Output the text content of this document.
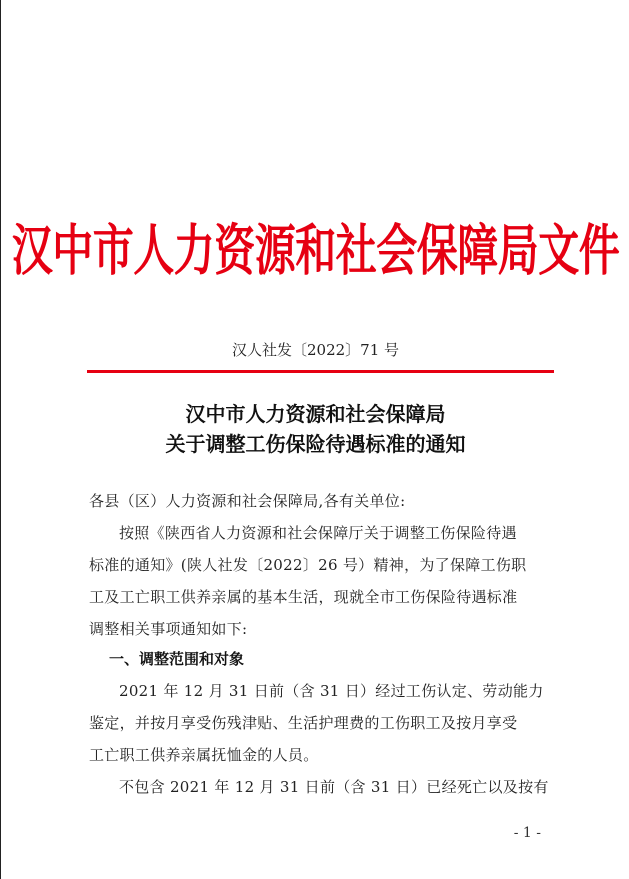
汉中市人力资源和社会保障局文件
汉人社发〔2022〕71 号
汉中市人力资源和社会保障局
关于调整工伤保险待遇标准的通知
各县（区）人力资源和社会保障局,各有关单位:
按照《陕西省人力资源和社会保障厅关于调整工伤保险待遇
标准的通知》(陕人社发〔2022〕26 号）精神，为了保障工伤职
工及工亡职工供养亲属的基本生活，现就全市工伤保险待遇标准
调整相关事项通知如下:
一、调整范围和对象
2021 年 12 月 31 日前（含 31 日）经过工伤认定、劳动能力
鉴定，并按月享受伤残津贴、生活护理费的工伤职工及按月享受
工亡职工供养亲属抚恤金的人员。
不包含 2021 年 12 月 31 日前（含 31 日）已经死亡以及按有
- 1 -
